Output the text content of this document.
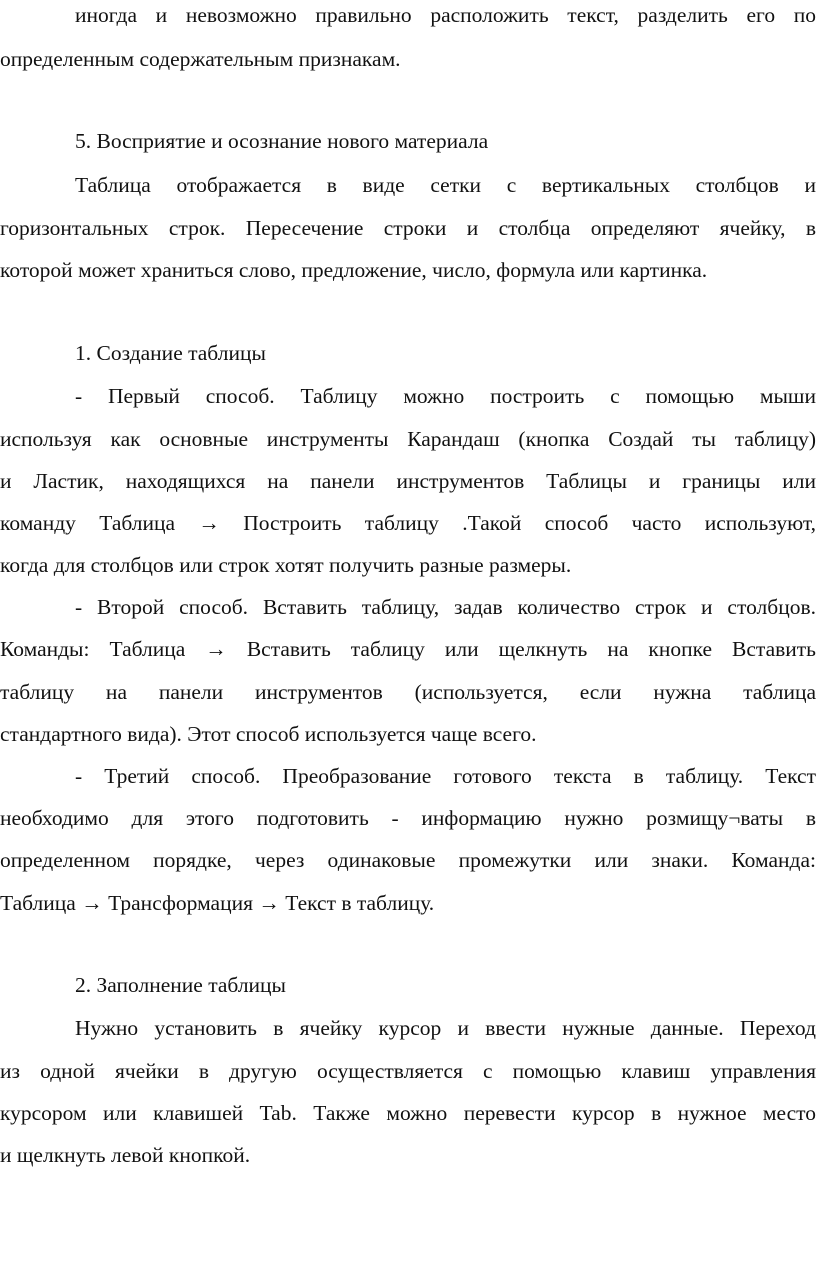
иногда и невозможно правильно расположить текст, разделить его по

определенным содержательным признакам.

5. Восприятие и осознание нового материала

Таблица отображается в виде сетки с вертикальных столбцов и

горизонтальных строк. Пересечение строки и столбца определяют ячейку, в

которой может храниться слово, предложение, число, формула или картинка.

1. Создание таблицы

- Первый способ. Таблицу можно построить с помощью мыши

используя как основные инструменты Карандаш (кнопка Создай ты таблицу)

и Ластик, находящихся на панели инструментов Таблицы и границы или

команду Таблица → Построить таблицу .Такой способ часто используют,

когда для столбцов или строк хотят получить разные размеры.

- Второй способ. Вставить таблицу, задав количество строк и столбцов.

Команды: Таблица → Вставить таблицу или щелкнуть на кнопке Вставить

таблицу на панели инструментов (используется, если нужна таблица

стандартного вида). Этот способ используется чаще всего.

- Третий способ. Преобразование готового текста в таблицу. Текст

необходимо для этого подготовить - информацию нужно розмищу¬ваты в

определенном порядке, через одинаковые промежутки или знаки. Команда:

Таблица → Трансформация → Текст в таблицу.

2. Заполнение таблицы

Нужно установить в ячейку курсор и ввести нужные данные. Переход

из одной ячейки в другую осуществляется с помощью клавиш управления

курсором или клавишей Tab. Также можно перевести курсор в нужное место

и щелкнуть левой кнопкой.
